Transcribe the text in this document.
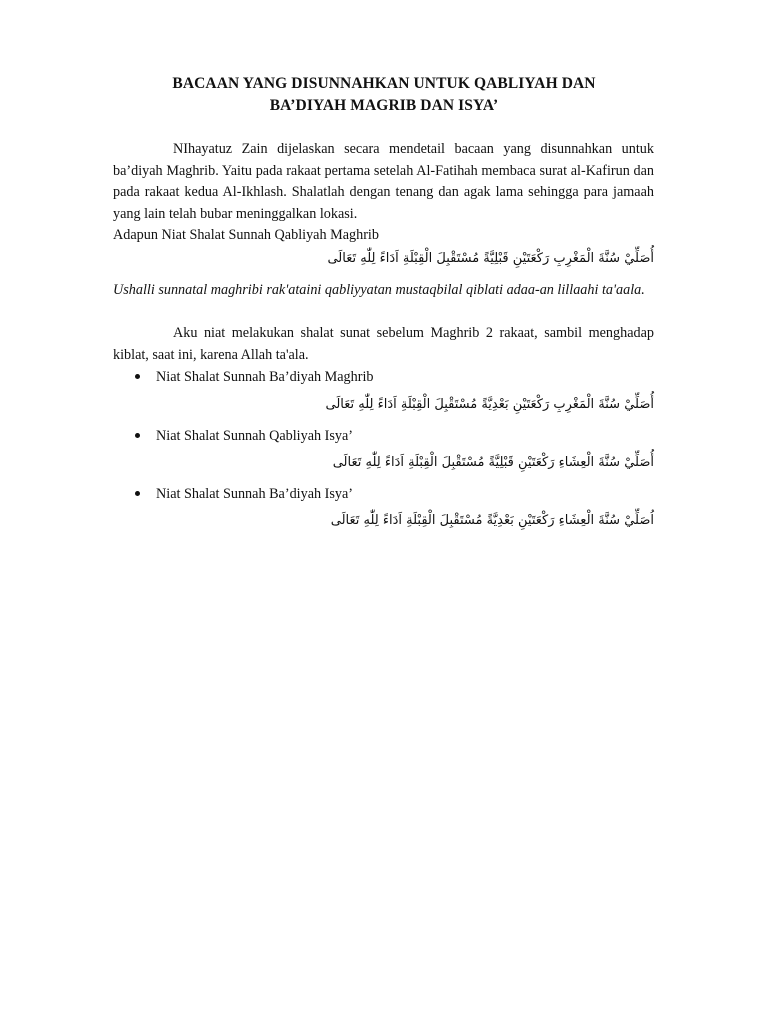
BACAAN YANG DISUNNAHKAN UNTUK QABLIYAH DAN
BA’DIYAH MAGRIB DAN ISYA’

NIhayatuz Zain dijelaskan secara mendetail bacaan yang disunnahkan untuk ba’diyah Maghrib. Yaitu pada rakaat pertama setelah Al-Fatihah membaca surat al-Kafirun dan pada rakaat kedua Al-Ikhlash. Shalatlah dengan tenang dan agak lama sehingga para jamaah yang lain telah bubar meninggalkan lokasi.
Adapun Niat Shalat Sunnah Qabliyah Maghrib

أُصَلِّيْ سُنَّةَ الْمَغْرِبِ رَكْعَتَيْنِ قَبْلِيَّةً مُسْتَقْبِلَ الْقِبْلَةِ اَدَاءً لِلّٰهِ تَعَالَى

Ushalli sunnatal maghribi rak'ataini qabliyyatan mustaqbilal qiblati adaa-an lillaahi ta'aala.

Aku niat melakukan shalat sunat sebelum Maghrib 2 rakaat, sambil menghadap kiblat, saat ini, karena Allah ta'ala.

Niat Shalat Sunnah Ba’diyah Maghrib
أُصَلِّيْ سُنَّةَ الْمَغْرِبِ رَكْعَتَيْنِ بَعْدِيَّةً مُسْتَقْبِلَ الْقِبْلَةِ اَدَاءً لِلّٰهِ تَعَالَى
Niat Shalat Sunnah Qabliyah Isya’
أُصَلِّيْ سُنَّةَ الْعِشَاءِ رَكْعَتَيْنِ قَبْلِيَّةً مُسْتَقْبِلَ الْقِبْلَةِ اَدَاءً لِلّٰهِ تَعَالَى
Niat Shalat Sunnah Ba’diyah Isya’
اُصَلِّيْ سُنَّةَ الْعِشَاءِ رَكْعَتَيْنِ بَعْدِيَّةً مُسْتَقْبِلَ الْقِبْلَةِ اَدَاءً لِلّٰهِ تَعَالَى
